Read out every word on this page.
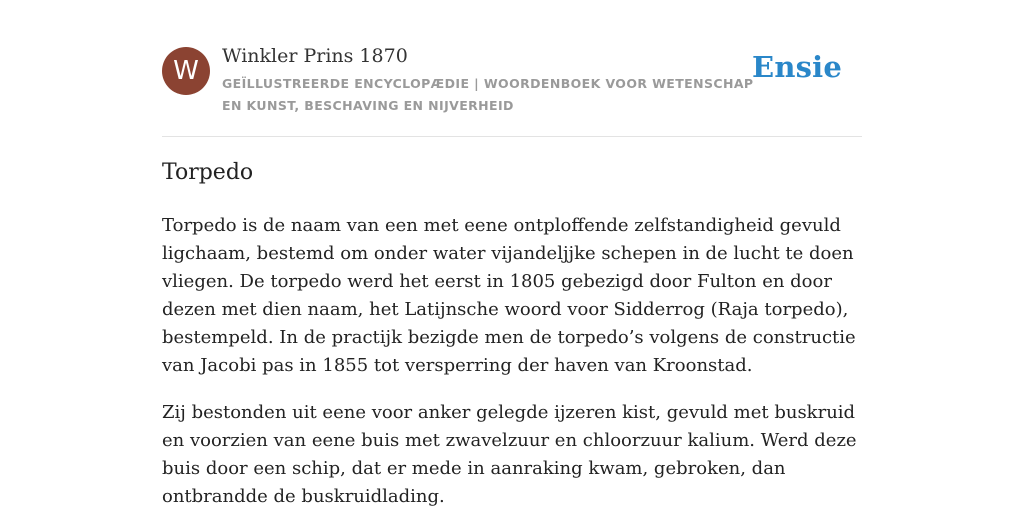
W	Winkler Prins 1870
GEÏLLUSTREERDE ENCYCLOPÆDIE | WOORDENBOEK VOOR WETENSCHAP EN KUNST, BESCHAVING EN NIJVERHEID
Ensie
Torpedo

Torpedo is de naam van een met eene ontploffende zelfstandigheid gevuld ligchaam, bestemd om onder water vijandeljjke schepen in de lucht te doen vliegen. De torpedo werd het eerst in 1805 gebezigd door Fulton en door dezen met dien naam, het Latijnsche woord voor Sidderrog (Raja torpedo), bestempeld. In de practijk bezigde men de torpedo’s volgens de constructie van Jacobi pas in 1855 tot versperring der haven van Kroonstad.

Zij bestonden uit eene voor anker gelegde ijzeren kist, gevuld met buskruid en voorzien van eene buis met zwavelzuur en chloorzuur kalium. Werd deze buis door een schip, dat er mede in aanraking kwam, gebroken, dan ontbrandde de buskruidlading.
